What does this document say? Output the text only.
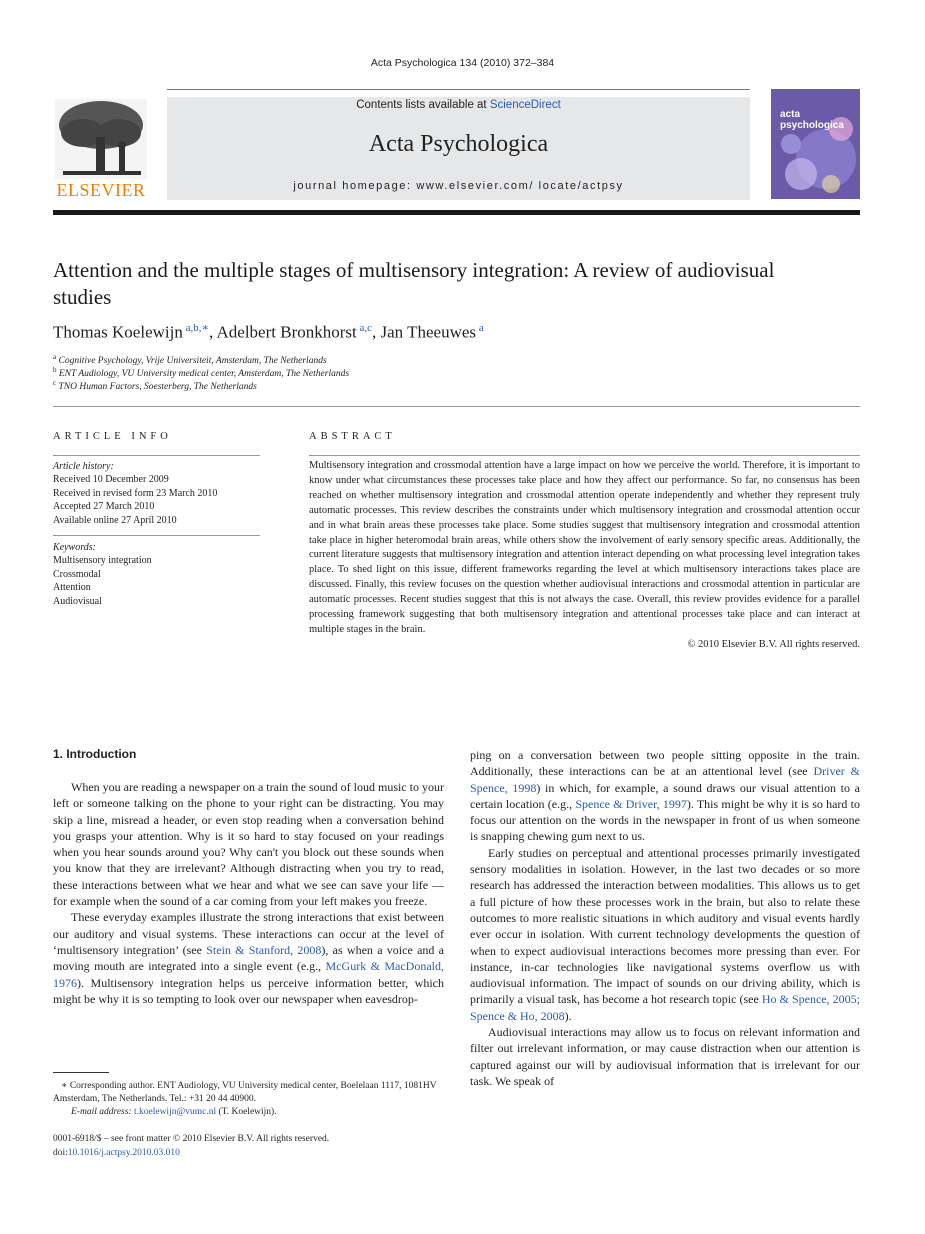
Acta Psychologica 134 (2010) 372–384
ELSEVIER
Contents lists available at ScienceDirect
Acta Psychologica
journal homepage: www.elsevier.com/ locate/actpsy
acta
psychologica
Attention and the multiple stages of multisensory integration: A review of audiovisual studies
Thomas Koelewijn $^{a,b,∗}$, Adelbert Bronkhorst $^{a,c}$, Jan Theeuwes $^a$
$^a$ Cognitive Psychology, Vrije Universiteit, Amsterdam, The Netherlands
$^b$ ENT Audiology, VU University medical center, Amsterdam, The Netherlands
$^c$ TNO Human Factors, Soesterberg, The Netherlands
ARTICLE INFO
Article history:
Received 10 December 2009
Received in revised form 23 March 2010
Accepted 27 March 2010
Available online 27 April 2010
Keywords:
Multisensory integration
Crossmodal
Attention
Audiovisual
ABSTRACT
Multisensory integration and crossmodal attention have a large impact on how we perceive the world. Therefore, it is important to know under what circumstances these processes take place and how they affect our performance. So far, no consensus has been reached on whether multisensory integration and crossmodal attention operate independently and whether they represent truly automatic processes. This review describes the constraints under which multisensory integration and crossmodal attention occur and in what brain areas these processes take place. Some studies suggest that multisensory integration and crossmodal attention take place in higher heteromodal brain areas, while others show the involvement of early sensory specific areas. Additionally, the current literature suggests that multisensory integration and attention interact depending on what processing level integration takes place. To shed light on this issue, different frameworks regarding the level at which multisensory interactions takes place are discussed. Finally, this review focuses on the question whether audiovisual interactions and crossmodal attention in particular are automatic processes. Recent studies suggest that this is not always the case. Overall, this review provides evidence for a parallel processing framework suggesting that both multisensory integration and attentional processes take place and can interact at multiple stages in the brain.
© 2010 Elsevier B.V. All rights reserved.
1. Introduction

When you are reading a newspaper on a train the sound of loud music to your left or someone talking on the phone to your right can be distracting. You may skip a line, misread a header, or even stop reading when a conversation behind you grasps your attention. Why is it so hard to stay focused on your readings when you hear sounds around you? Why can't you block out these sounds when you know that they are irrelevant? Although distracting when you try to read, these interactions between what we hear and what we see can save your life — for example when the sound of a car coming from your left makes you freeze.

These everyday examples illustrate the strong interactions that exist between our auditory and visual systems. These interactions can occur at the level of ‘multisensory integration’ (see Stein & Stanford, 2008), as when a voice and a moving mouth are integrated into a single event (e.g., McGurk & MacDonald, 1976). Multisensory integration helps us perceive information better, which might be why it is so tempting to look over our newspaper when eavesdrop-

ping on a conversation between two people sitting opposite in the train. Additionally, these interactions can be at an attentional level (see Driver & Spence, 1998) in which, for example, a sound draws our visual attention to a certain location (e.g., Spence & Driver, 1997). This might be why it is so hard to focus our attention on the words in the newspaper in front of us when someone is snapping chewing gum next to us.

Early studies on perceptual and attentional processes primarily investigated sensory modalities in isolation. However, in the last two decades or so more research has addressed the interaction between modalities. This allows us to get a full picture of how these processes work in the brain, but also to relate these outcomes to more realistic situations in which auditory and visual events hardly ever occur in isolation. With current technology developments the question of when to expect audiovisual interactions becomes more pressing than ever. For instance, in-car technologies like navigational systems overflow us with audiovisual information. The impact of sounds on our driving ability, which is primarily a visual task, has become a hot research topic (see Ho & Spence, 2005; Spence & Ho, 2008).

Audiovisual interactions may allow us to focus on relevant information and filter out irrelevant information, or may cause distraction when our attention is captured against our will by audiovisual information that is irrelevant for our task. We speak of

∗ Corresponding author. ENT Audiology, VU University medical center, Boelelaan 1117, 1081HV Amsterdam, The Netherlands. Tel.: +31 20 44 40900.
E-mail address: t.koelewijn@vumc.nl (T. Koelewijn).
0001-6918/$ – see front matter © 2010 Elsevier B.V. All rights reserved.
doi:10.1016/j.actpsy.2010.03.010
